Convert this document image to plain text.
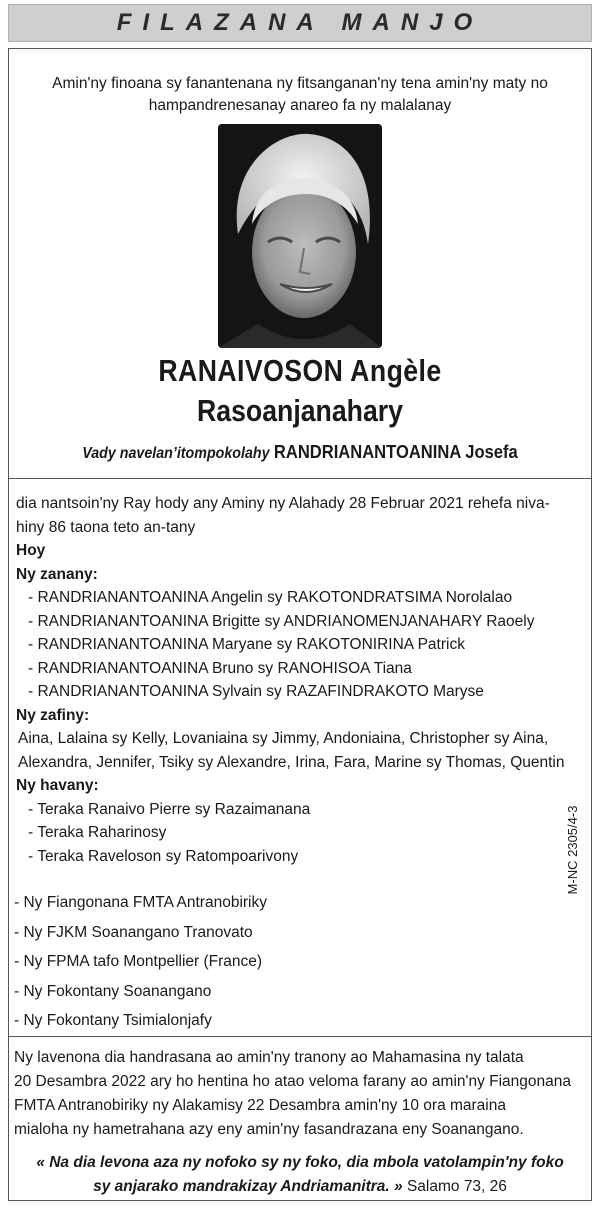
FILAZANA MANJO
Amin'ny finoana sy fanantenana ny fitsanganan'ny tena amin'ny maty no
hampandrenesanay anareo fa ny malalanay
RANAIVOSON Angèle
Rasoanjanahary
Vady navelan’itompokolahy RANDRIANANTOANINA Josefa

dia nantsoin'ny Ray hody any Aminy ny Alahady 28 Februar 2021 rehefa niva-

hiny 86 taona teto an-tany

Hoy

Ny zanany:

- RANDRIANANTOANINA Angelin sy RAKOTONDRATSIMA Norolalao

- RANDRIANANTOANINA Brigitte sy ANDRIANOMENJANAHARY Raoely

- RANDRIANANTOANINA Maryane sy RAKOTONIRINA Patrick

- RANDRIANANTOANINA Bruno sy RANOHISOA Tiana

- RANDRIANANTOANINA Sylvain sy RAZAFINDRAKOTO Maryse

Ny zafiny:

Aina, Lalaina sy Kelly, Lovaniaina sy Jimmy, Andoniaina, Christopher sy Aina,

Alexandra, Jennifer, Tsiky sy Alexandre, Irina, Fara, Marine sy Thomas, Quentin

Ny havany:

- Teraka Ranaivo Pierre sy Razaimanana

- Teraka Raharinosy

- Teraka Raveloson sy Ratompoarivony	M-NC 2305/4-3
- Ny Fiangonana FMTA Antranobiriky
- Ny FJKM Soanangano Tranovato
- Ny FPMA tafo Montpellier (France)
- Ny Fokontany Soanangano
- Ny Fokontany Tsimialonjafy
Ny lavenona dia handrasana ao amin'ny tranony ao Mahamasina ny talata
20 Desambra 2022 ary ho hentina ho atao veloma farany ao amin'ny Fiangonana
FMTA Antranobiriky ny Alakamisy 22 Desambra amin'ny 10 ora maraina
mialoha ny hametrahana azy eny amin'ny fasandrazana eny Soanangano.
« Na dia levona aza ny nofoko sy ny foko, dia mbola vatolampin'ny foko
sy anjarako mandrakizay Andriamanitra. » Salamo 73, 26
